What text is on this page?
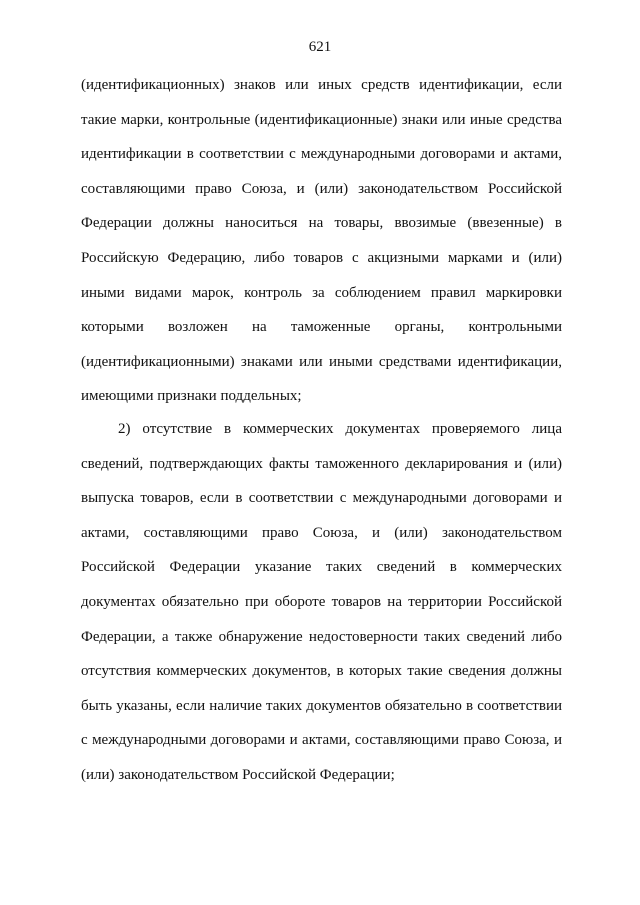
621

(идентификационных) знаков или иных средств идентификации, если такие марки, контрольные (идентификационные) знаки или иные средства идентификации в соответствии с международными договорами и актами, составляющими право Союза, и (или) законодательством Российской Федерации должны наноситься на товары, ввозимые (ввезенные) в Российскую Федерацию, либо товаров с акцизными марками и (или) иными видами марок, контроль за соблюдением правил маркировки которыми возложен на таможенные органы, контрольными (идентификационными) знаками или иными средствами идентификации, имеющими признаки поддельных;

2) отсутствие в коммерческих документах проверяемого лица сведений, подтверждающих факты таможенного декларирования и (или) выпуска товаров, если в соответствии с международными договорами и актами, составляющими право Союза, и (или) законодательством Российской Федерации указание таких сведений в коммерческих документах обязательно при обороте товаров на территории Российской Федерации, а также обнаружение недостоверности таких сведений либо отсутствия коммерческих документов, в которых такие сведения должны быть указаны, если наличие таких документов обязательно в соответствии с международными договорами и актами, составляющими право Союза, и (или) законодательством Российской Федерации;
